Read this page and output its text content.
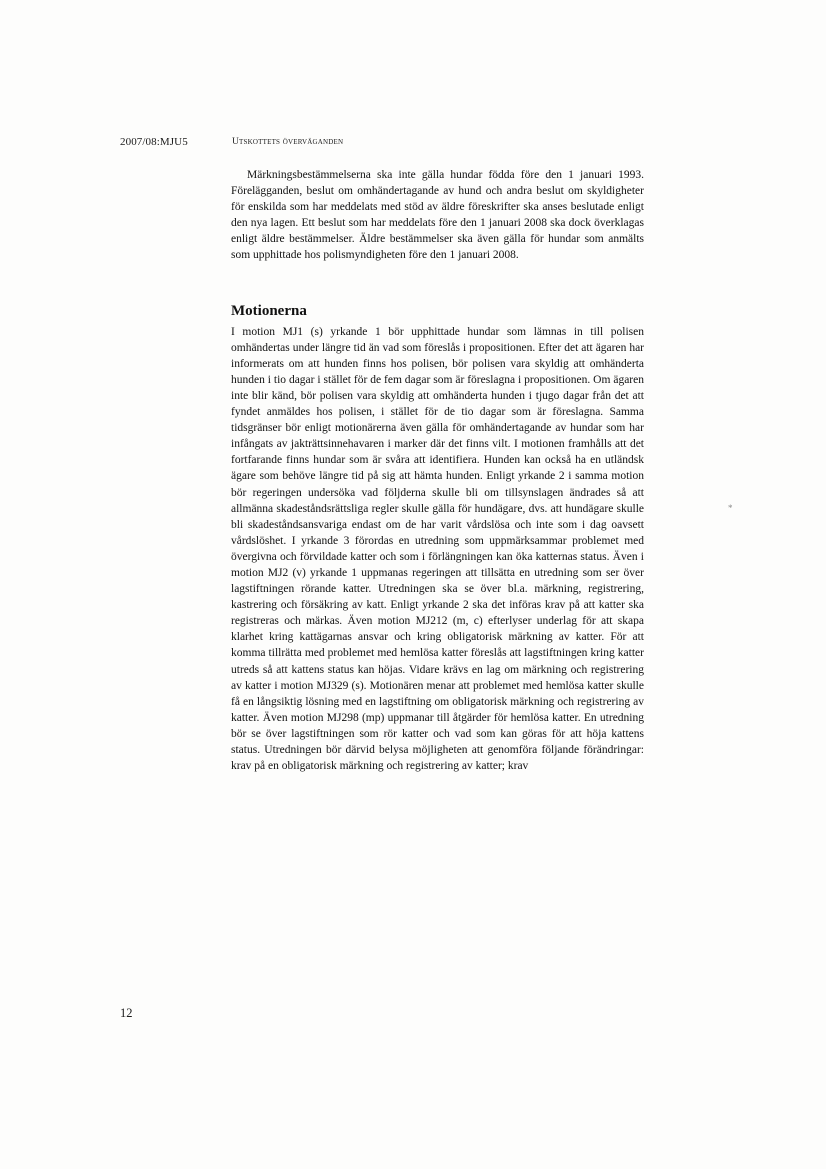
2007/08:MJU5	Utskottets överväganden

Märkningsbestämmelserna ska inte gälla hundar födda före den 1 januari 1993. Förelägganden, beslut om omhändertagande av hund och andra beslut om skyldigheter för enskilda som har meddelats med stöd av äldre föreskrifter ska anses beslutade enligt den nya lagen. Ett beslut som har meddelats före den 1 januari 2008 ska dock överklagas enligt äldre bestämmelser. Äldre bestämmelser ska även gälla för hundar som anmälts som upphittade hos polismyndigheten före den 1 januari 2008.

Motionerna

I motion MJ1 (s) yrkande 1 bör upphittade hundar som lämnas in till polisen omhändertas under längre tid än vad som föreslås i propositionen. Efter det att ägaren har informerats om att hunden finns hos polisen, bör polisen vara skyldig att omhänderta hunden i tio dagar i stället för de fem dagar som är föreslagna i propositionen. Om ägaren inte blir känd, bör polisen vara skyldig att omhänderta hunden i tjugo dagar från det att fyndet anmäldes hos polisen, i stället för de tio dagar som är föreslagna. Samma tidsgränser bör enligt motionärerna även gälla för omhändertagande av hundar som har infångats av jakträttsinnehavaren i marker där det finns vilt. I motionen framhålls att det fortfarande finns hundar som är svåra att identifiera. Hunden kan också ha en utländsk ägare som behöve längre tid på sig att hämta hunden. Enligt yrkande 2 i samma motion bör regeringen undersöka vad följderna skulle bli om tillsynslagen ändrades så att allmänna skadeståndsrättsliga regler skulle gälla för hundägare, dvs. att hundägare skulle bli skadeståndsansvariga endast om de har varit vårdslösa och inte som i dag oavsett vårdslöshet. I yrkande 3 förordas en utredning som uppmärksammar problemet med övergivna och förvildade katter och som i förlängningen kan öka katternas status. Även i motion MJ2 (v) yrkande 1 uppmanas regeringen att tillsätta en utredning som ser över lagstiftningen rörande katter. Utredningen ska se över bl.a. märkning, registrering, kastrering och försäkring av katt. Enligt yrkande 2 ska det införas krav på att katter ska registreras och märkas. Även motion MJ212 (m, c) efterlyser underlag för att skapa klarhet kring kattägarnas ansvar och kring obligatorisk märkning av katter. För att komma tillrätta med problemet med hemlösa katter föreslås att lagstiftningen kring katter utreds så att kattens status kan höjas. Vidare krävs en lag om märkning och registrering av katter i motion MJ329 (s). Motionären menar att problemet med hemlösa katter skulle få en långsiktig lösning med en lagstiftning om obligatorisk märkning och registrering av katter. Även motion MJ298 (mp) uppmanar till åtgärder för hemlösa katter. En utredning bör se över lagstiftningen som rör katter och vad som kan göras för att höja kattens status. Utredningen bör därvid belysa möjligheten att genomföra följande förändringar: krav på en obligatorisk märkning och registrering av katter; krav

*
12
